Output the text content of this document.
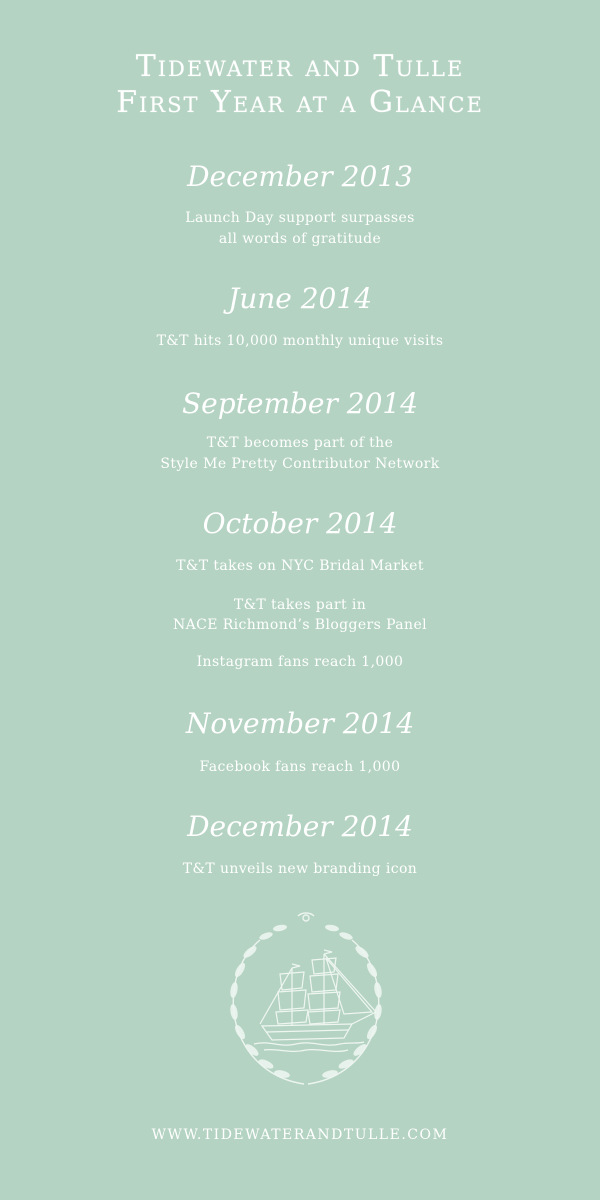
Tidewater and Tulle
First Year at a Glance
December 2013
Launch Day support surpasses
all words of gratitude
June 2014
T&T hits 10,000 monthly unique visits
September 2014
T&T becomes part of the
Style Me Pretty Contributor Network
October 2014
T&T takes on NYC Bridal Market
T&T takes part in
NACE Richmond’s Bloggers Panel
Instagram fans reach 1,000
November 2014
Facebook fans reach 1,000
December 2014
T&T unveils new branding icon
WWW.TIDEWATERANDTULLE.COM
